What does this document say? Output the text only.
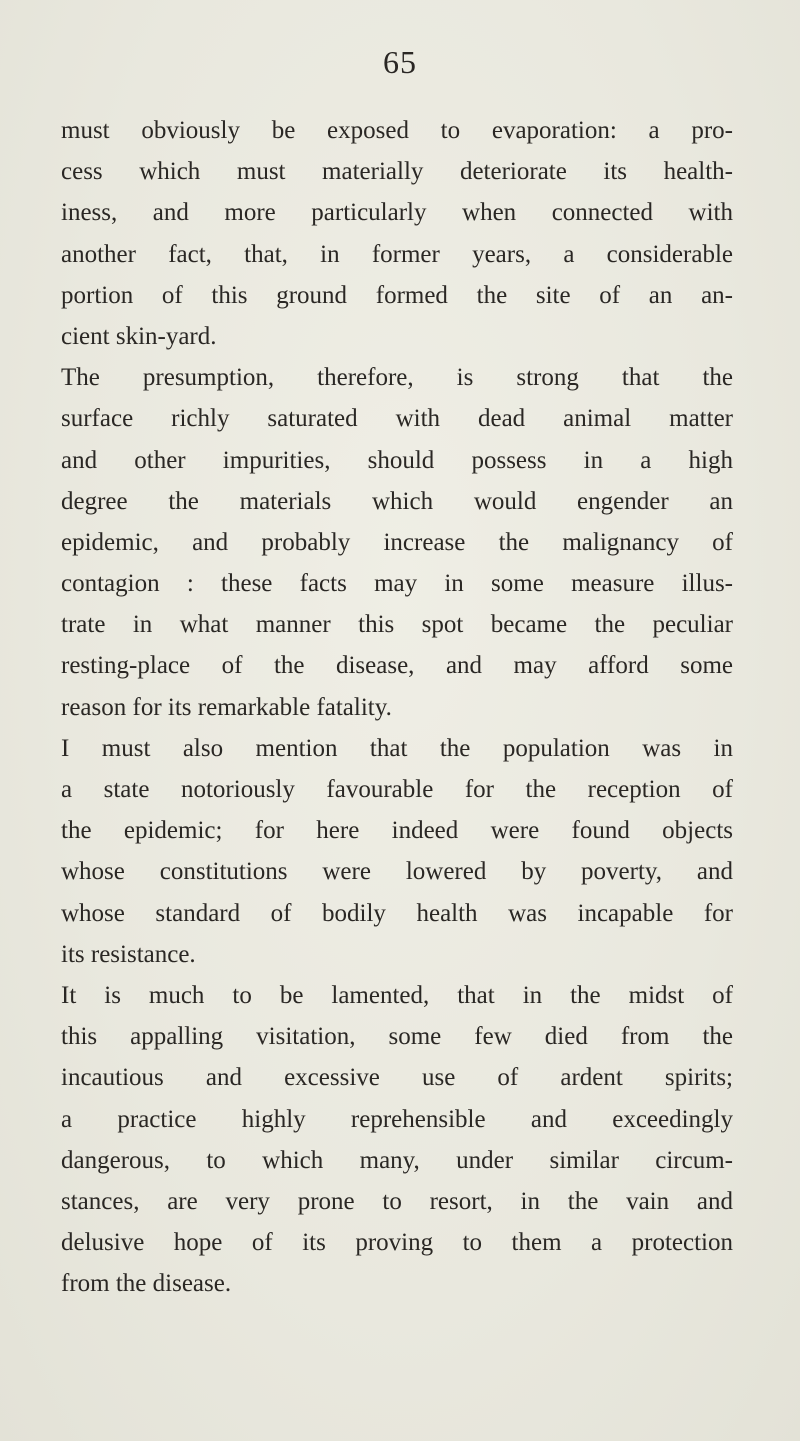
65
must obviously be exposed to evaporation: a pro-
cess which must materially deteriorate its health-
iness, and more particularly when connected with
another fact, that, in former years, a considerable
portion of this ground formed the site of an an-
cient skin-yard.
The presumption, therefore, is strong that the
surface richly saturated with dead animal matter
and other impurities, should possess in a high
degree the materials which would engender an
epidemic, and probably increase the malignancy of
contagion : these facts may in some measure illus-
trate in what manner this spot became the peculiar
resting-place of the disease, and may afford some
reason for its remarkable fatality.
I must also mention that the population was in
a state notoriously favourable for the reception of
the epidemic; for here indeed were found objects
whose constitutions were lowered by poverty, and
whose standard of bodily health was incapable for
its resistance.
It is much to be lamented, that in the midst of
this appalling visitation, some few died from the
incautious and excessive use of ardent spirits;
a practice highly reprehensible and exceedingly
dangerous, to which many, under similar circum-
stances, are very prone to resort, in the vain and
delusive hope of its proving to them a protection
from the disease.
